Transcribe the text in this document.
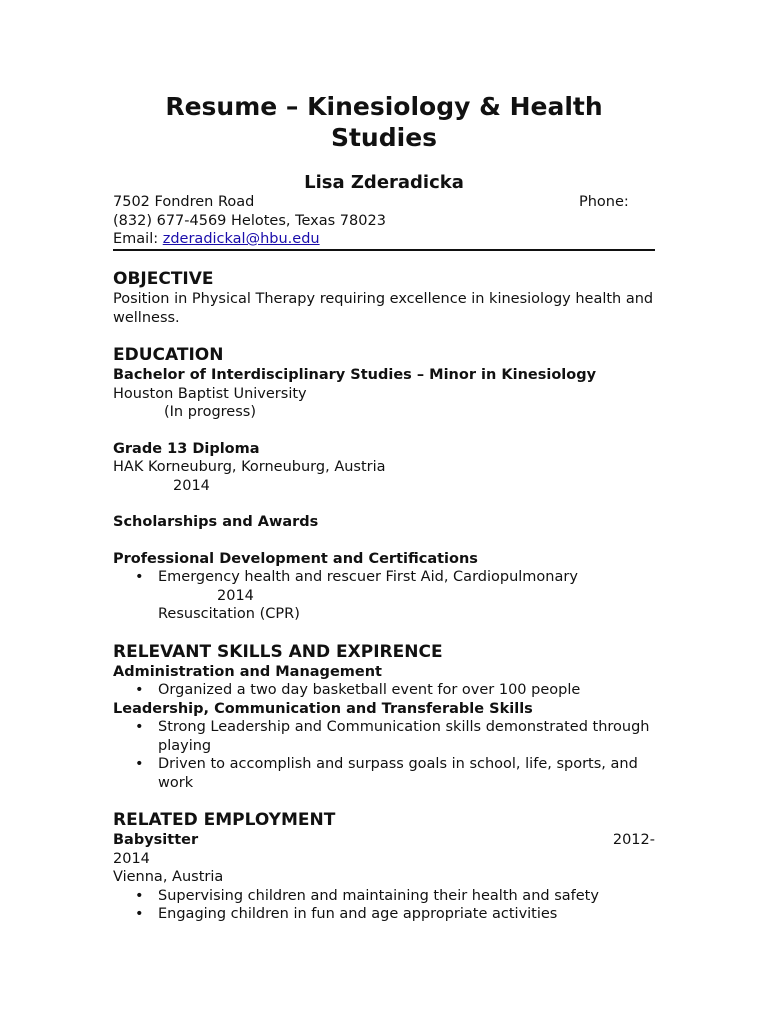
Resume – Kinesiology & Health Studies
Lisa Zderadicka
7502 Fondren Road	Phone:
(832) 677-4569 Helotes, Texas 78023
Email: zderadickal@hbu.edu
OBJECTIVE

Position in Physical Therapy requiring excellence in kinesiology health and wellness.

EDUCATION

Bachelor of Interdisciplinary Studies – Minor in Kinesiology

Houston Baptist University

(In progress)

Grade 13 Diploma

HAK Korneuburg, Korneuburg, Austria

2014

Scholarships and Awards

Professional Development and Certifications

• Emergency health and rescuer First Aid, Cardiopulmonary

2014

Resuscitation (CPR)

RELEVANT SKILLS AND EXPIRENCE

Administration and Management

• Organized a two day basketball event for over 100 people

Leadership, Communication and Transferable Skills

• Strong Leadership and Communication skills demonstrated through playing
• Driven to accomplish and surpass goals in school, life, sports, and work
RELATED EMPLOYMENT
Babysitter	2012-

2014

Vienna, Austria

• Supervising children and maintaining their health and safety
• Engaging children in fun and age appropriate activities
